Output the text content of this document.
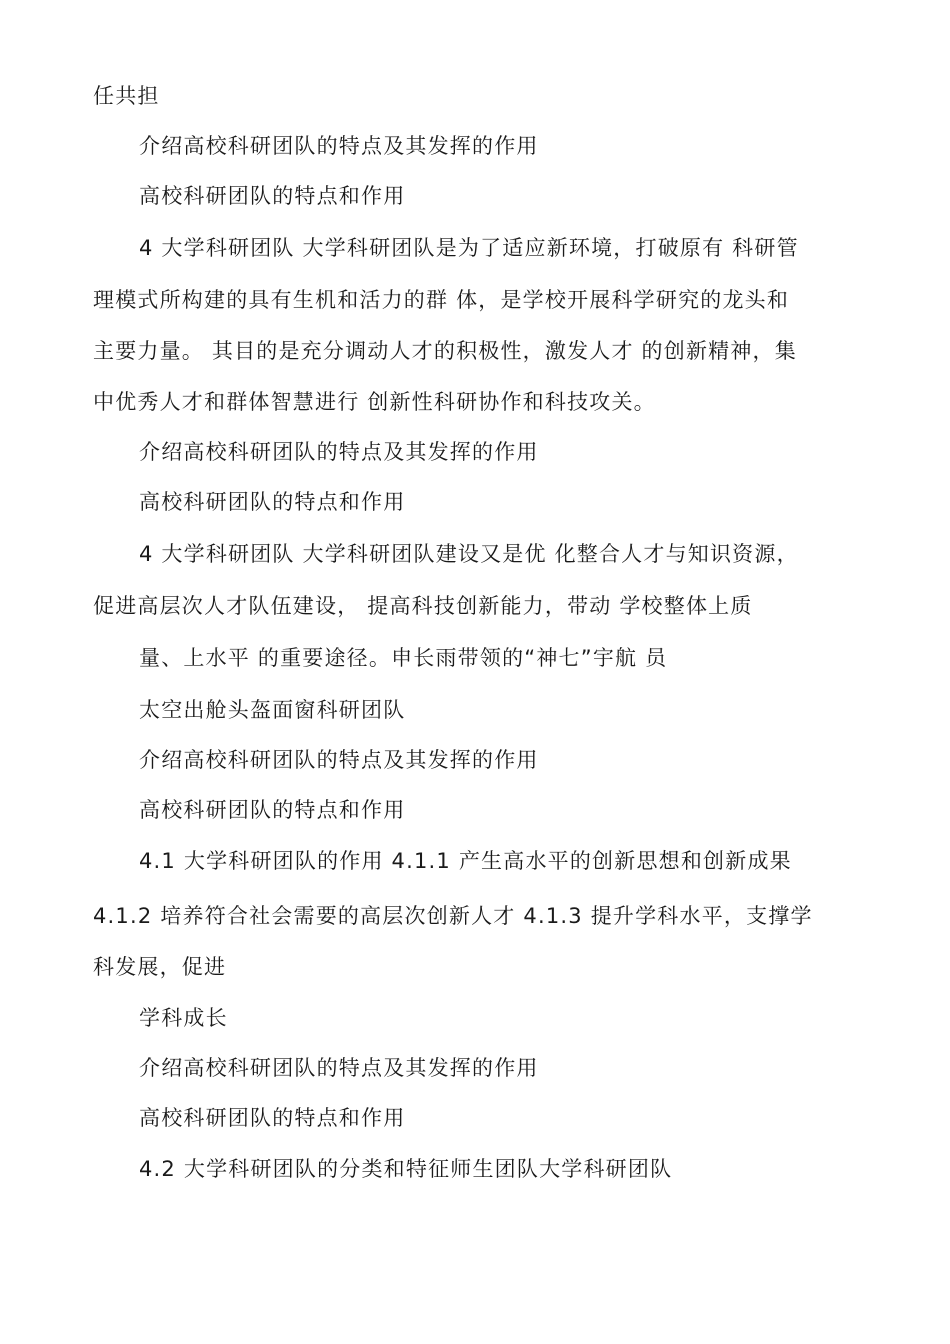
任共担
介绍高校科研团队的特点及其发挥的作用
高校科研团队的特点和作用
4 大学科研团队 大学科研团队是为了适应新环境，打破原有 科研管
理模式所构建的具有生机和活力的群 体，是学校开展科学研究的龙头和
主要力量。 其目的是充分调动人才的积极性，激发人才 的创新精神，集
中优秀人才和群体智慧进行 创新性科研协作和科技攻关。
介绍高校科研团队的特点及其发挥的作用
高校科研团队的特点和作用
4 大学科研团队 大学科研团队建设又是优 化整合人才与知识资源，
促进高层次人才队伍建设， 提高科技创新能力，带动 学校整体上质
量、上水平 的重要途径。申长雨带领的“神七”宇航 员
太空出舱头盔面窗科研团队
介绍高校科研团队的特点及其发挥的作用
高校科研团队的特点和作用
4.1 大学科研团队的作用 4.1.1 产生高水平的创新思想和创新成果
4.1.2 培养符合社会需要的高层次创新人才 4.1.3 提升学科水平，支撑学
科发展，促进
学科成长
介绍高校科研团队的特点及其发挥的作用
高校科研团队的特点和作用
4.2 大学科研团队的分类和特征师生团队大学科研团队
